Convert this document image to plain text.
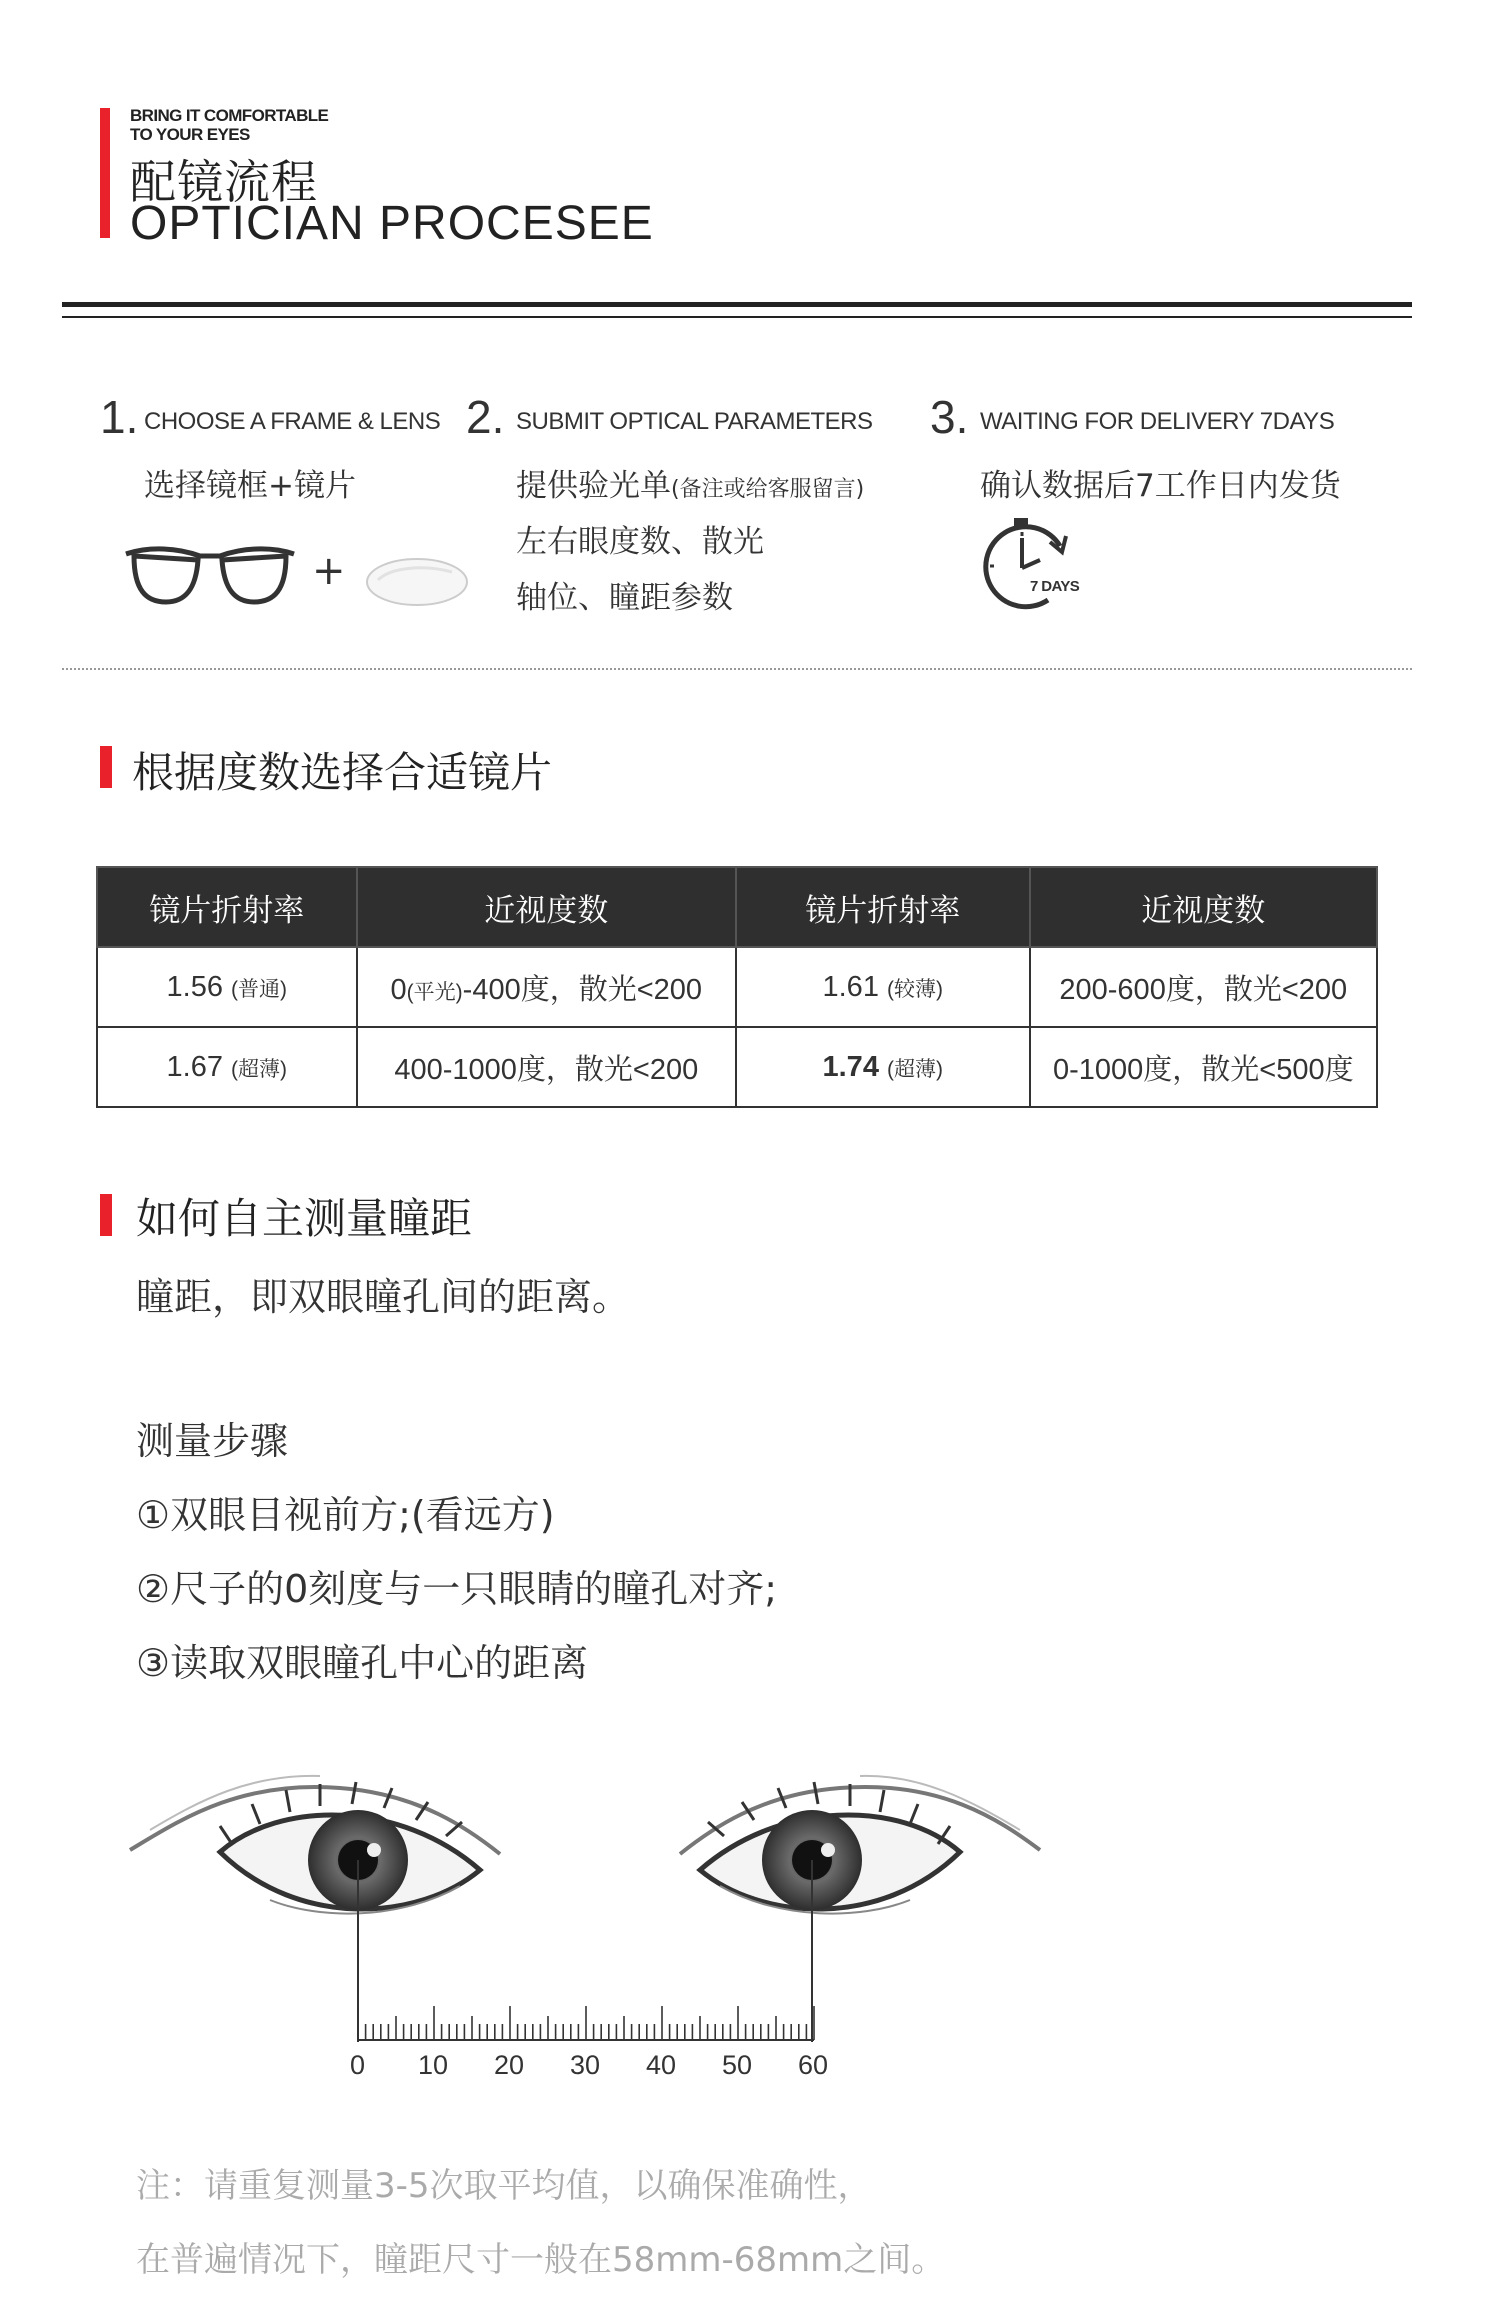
BRING IT COMFORTABLE
TO YOUR EYES
配镜流程
OPTICIAN PROCESEE
1. CHOOSE A FRAME & LENS
选择镜框+镜片
+
2. SUBMIT OPTICAL PARAMETERS
提供验光单(备注或给客服留言)
左右眼度数、散光
轴位、瞳距参数
3. WAITING FOR DELIVERY 7DAYS
确认数据后7工作日内发货
7 DAYS
根据度数选择合适镜片
镜片折射率	近视度数	镜片折射率	近视度数
1.56 (普通)	0(平光)-400度，散光<200	1.61 (较薄)	200-600度，散光<200
1.67 (超薄)	400-1000度，散光<200	1.74 (超薄)	0-1000度，散光<500度
如何自主测量瞳距
瞳距，即双眼瞳孔间的距离。
测量步骤
①双眼目视前方;(看远方)
②尺子的0刻度与一只眼睛的瞳孔对齐;
③读取双眼瞳孔中心的距离
0 10 20 30 40 50 60
注：请重复测量3-5次取平均值，以确保准确性，
在普遍情况下，瞳距尺寸一般在58mm-68mm之间。
